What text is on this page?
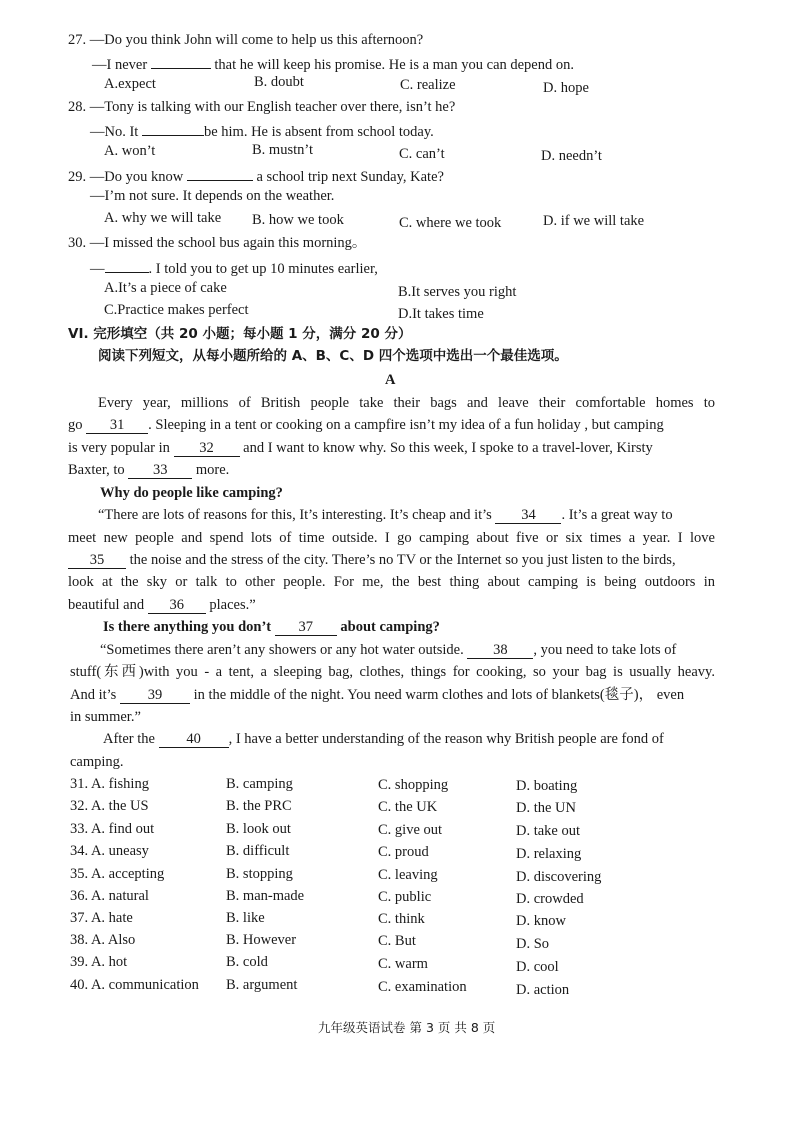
27. —Do you think John will come to help us this afternoon?
—I never	that he will keep his promise. He is a man you can depend on.
A.expect	B. doubt	C. realize	D. hope
28. —Tony is talking with our English teacher over there, isn’t he?
—No. It	be him. He is absent from school today.
A. won’t	B. mustn’t	C. can’t	D. needn’t
29. —Do you know	a school trip next Sunday, Kate?
—I’m not sure. It depends on the weather.
A. why we will take B. how we took	C. where we took	D. if we will take
30. —I missed the school bus again this morning。
—	. I told you to get up 10 minutes earlier,
A.It’s a piece of cake	B.It serves you right
C.Practice makes perfect	D.It takes time
VI. 完形填空（共 20 小题；每小题 1 分，满分 20 分）
阅读下列短文，从每小题所给的 A、B、C、D 四个选项中选出一个最佳选项。
A
Every year, millions of British people take their bags and leave their comfortable homes to
go 31 . Sleeping in a tent or cooking on a campfire isn’t my idea of a fun holiday , but camping
is very popular in 32 and I want to know why. So this week, I spoke to a travel-lover, Kirsty
Baxter, to 33 more.
Why do people like camping?
“There are lots of reasons for this, It’s interesting. It’s cheap and it’s 34 . It’s a great way to
meet new people and spend lots of time outside. I go camping about five or six times a year. I love
35 the noise and the stress of the city. There’s no TV or the Internet so you just listen to the birds,
look at the sky or talk to other people. For me, the best thing about camping is being outdoors in
beautiful and 36 places.”
Is there anything you don’t 37 about camping?
“Sometimes there aren’t any showers or any hot water outside. 38 , you need to take lots of
stuff(东西)with you - a tent, a sleeping bag, clothes, things for cooking, so your bag is usually heavy.
And it’s 39 in the middle of the night. You need warm clothes and lots of blankets(毯子)， even
in summer.”
After the 40 , I have a better understanding of the reason why British people are fond of
camping.
31. A. fishing	B. camping	C. shopping	D. boating
32. A. the US	B. the PRC	C. the UK	D. the UN
33. A. find out	B. look out	C. give out	D. take out
34. A. uneasy	B. difficult	C. proud	D. relaxing
35. A. accepting	B. stopping	C. leaving	D. discovering
36. A. natural	B. man-made	C. public	D. crowded
37. A. hate	B. like	C. think	D. know
38. A. Also	B. However	C. But	D. So
39. A. hot	B. cold	C. warm	D. cool
40. A. communication B. argument	C. examination	D. action
九年级英语试卷 第 3 页 共 8 页
